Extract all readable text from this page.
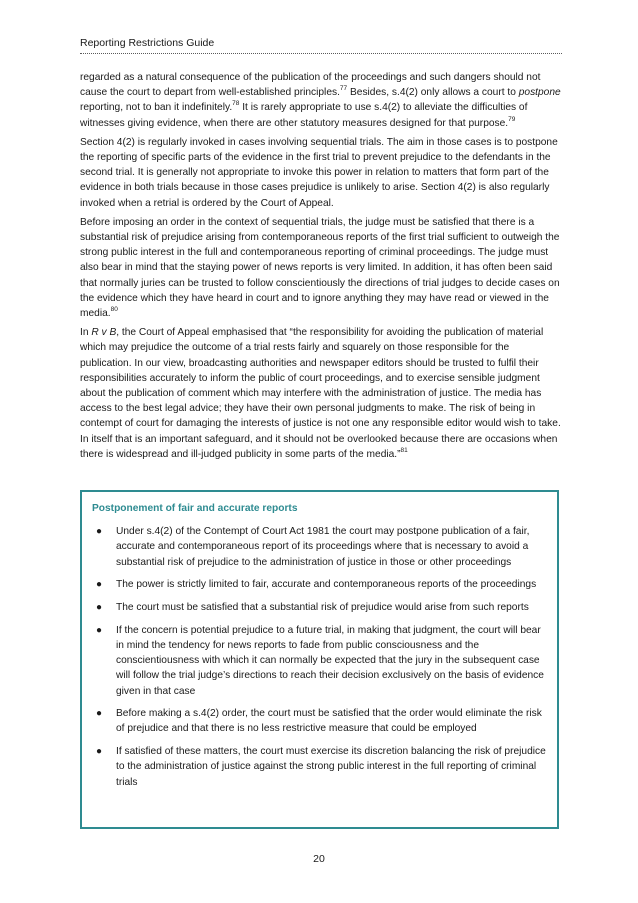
Reporting Restrictions Guide

regarded as a natural consequence of the publication of the proceedings and such dangers should not cause the court to depart from well-established principles.$^{77}$ Besides, s.4(2) only allows a court to postpone reporting, not to ban it indefinitely.$^{78}$ It is rarely appropriate to use s.4(2) to alleviate the difficulties of witnesses giving evidence, when there are other statutory measures designed for that purpose.$^{79}$

Section 4(2) is regularly invoked in cases involving sequential trials. The aim in those cases is to postpone the reporting of specific parts of the evidence in the first trial to prevent prejudice to the defendants in the second trial. It is generally not appropriate to invoke this power in relation to matters that form part of the evidence in both trials because in those cases prejudice is unlikely to arise. Section 4(2) is also regularly invoked when a retrial is ordered by the Court of Appeal.

Before imposing an order in the context of sequential trials, the judge must be satisfied that there is a substantial risk of prejudice arising from contemporaneous reports of the first trial sufficient to outweigh the strong public interest in the full and contemporaneous reporting of criminal proceedings. The judge must also bear in mind that the staying power of news reports is very limited. In addition, it has often been said that normally juries can be trusted to follow conscientiously the directions of trial judges to decide cases on the evidence which they have heard in court and to ignore anything they may have read or viewed in the media.$^{80}$

In R v B, the Court of Appeal emphasised that “the responsibility for avoiding the publication of material which may prejudice the outcome of a trial rests fairly and squarely on those responsible for the publication. In our view, broadcasting authorities and newspaper editors should be trusted to fulfil their responsibilities accurately to inform the public of court proceedings, and to exercise sensible judgment about the publication of comment which may interfere with the administration of justice. The media has access to the best legal advice; they have their own personal judgments to make. The risk of being in contempt of court for damaging the interests of justice is not one any responsible editor would wish to take. In itself that is an important safeguard, and it should not be overlooked because there are occasions when there is widespread and ill-judged publicity in some parts of the media.”$^{81}$

Postponement of fair and accurate reports
● Under s.4(2) of the Contempt of Court Act 1981 the court may postpone publication of a fair, accurate and contemporaneous report of its proceedings where that is necessary to avoid a substantial risk of prejudice to the administration of justice in those or other proceedings
● The power is strictly limited to fair, accurate and contemporaneous reports of the proceedings
● The court must be satisfied that a substantial risk of prejudice would arise from such reports
● If the concern is potential prejudice to a future trial, in making that judgment, the court will bear in mind the tendency for news reports to fade from public consciousness and the conscientiousness with which it can normally be expected that the jury in the subsequent case will follow the trial judge’s directions to reach their decision exclusively on the basis of evidence given in that case
● Before making a s.4(2) order, the court must be satisfied that the order would eliminate the risk of prejudice and that there is no less restrictive measure that could be employed
● If satisfied of these matters, the court must exercise its discretion balancing the risk of prejudice to the administration of justice against the strong public interest in the full reporting of criminal trials
20
